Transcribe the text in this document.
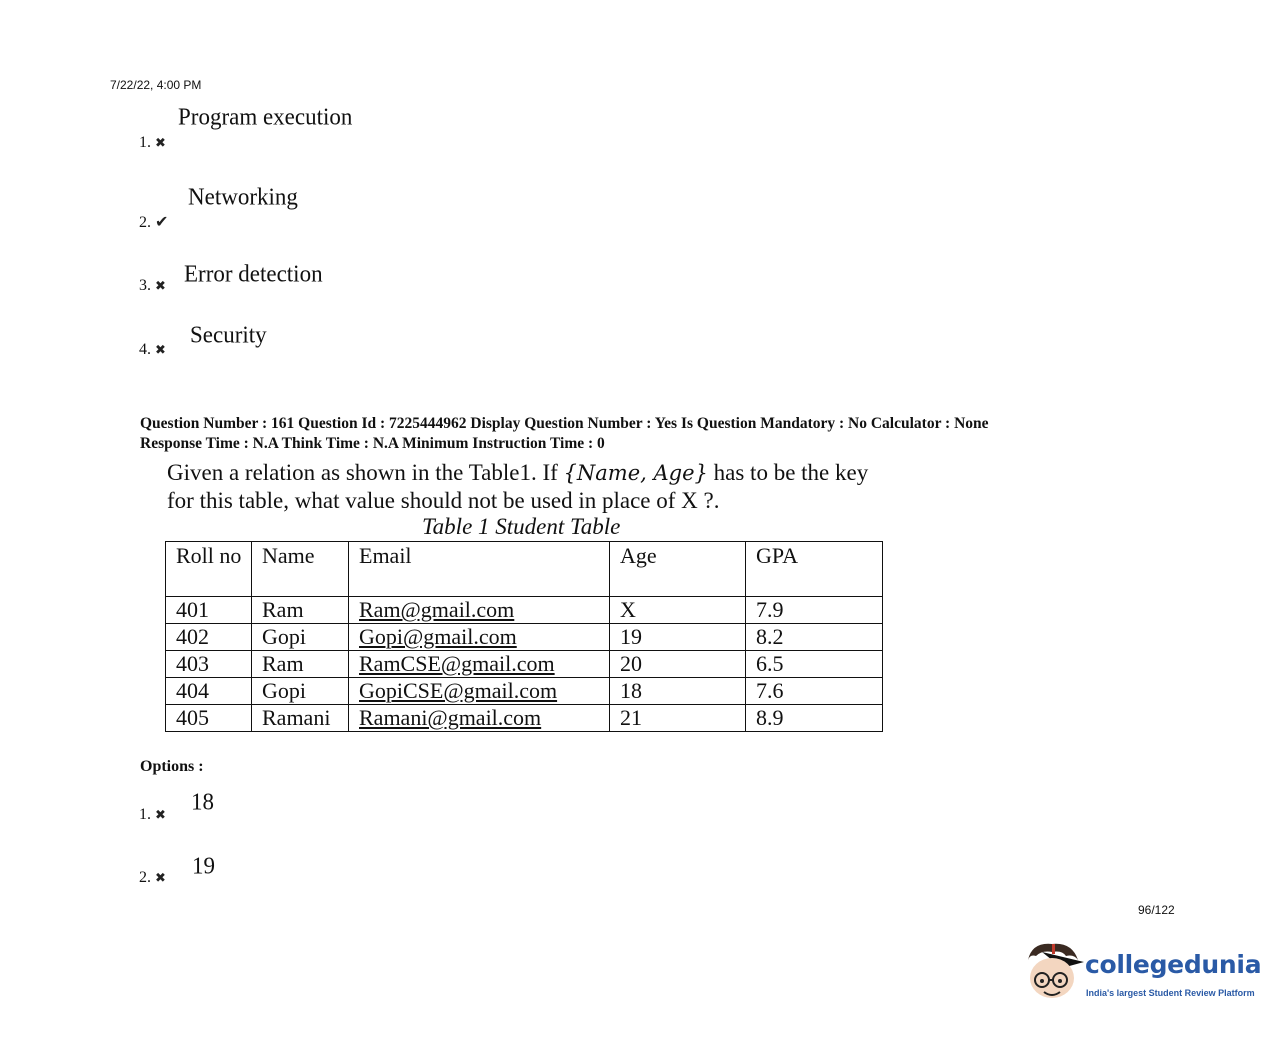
7/22/22, 4:00 PM
1. ✖
Program execution
2. ✔
Networking
3. ✖ Error detection
4. ✖
Security
Question Number : 161 Question Id : 7225444962 Display Question Number : Yes Is Question Mandatory : No Calculator : None
Response Time : N.A Think Time : N.A Minimum Instruction Time : 0
Given a relation as shown in the Table1. If {Name, Age} has to be the key
for this table, what value should not be used in place of X ?.
Table 1 Student Table
Roll no	Name	Email	Age	GPA
401	Ram	Ram@gmail.com	X	7.9
402	Gopi	Gopi@gmail.com	19	8.2
403	Ram	RamCSE@gmail.com	20	6.5
404	Gopi	GopiCSE@gmail.com	18	7.6
405	Ramani	Ramani@gmail.com	21	8.9
Options :
1. ✖
18
2. ✖ 19
96/122
collegedunia
India's largest Student Review Platform
